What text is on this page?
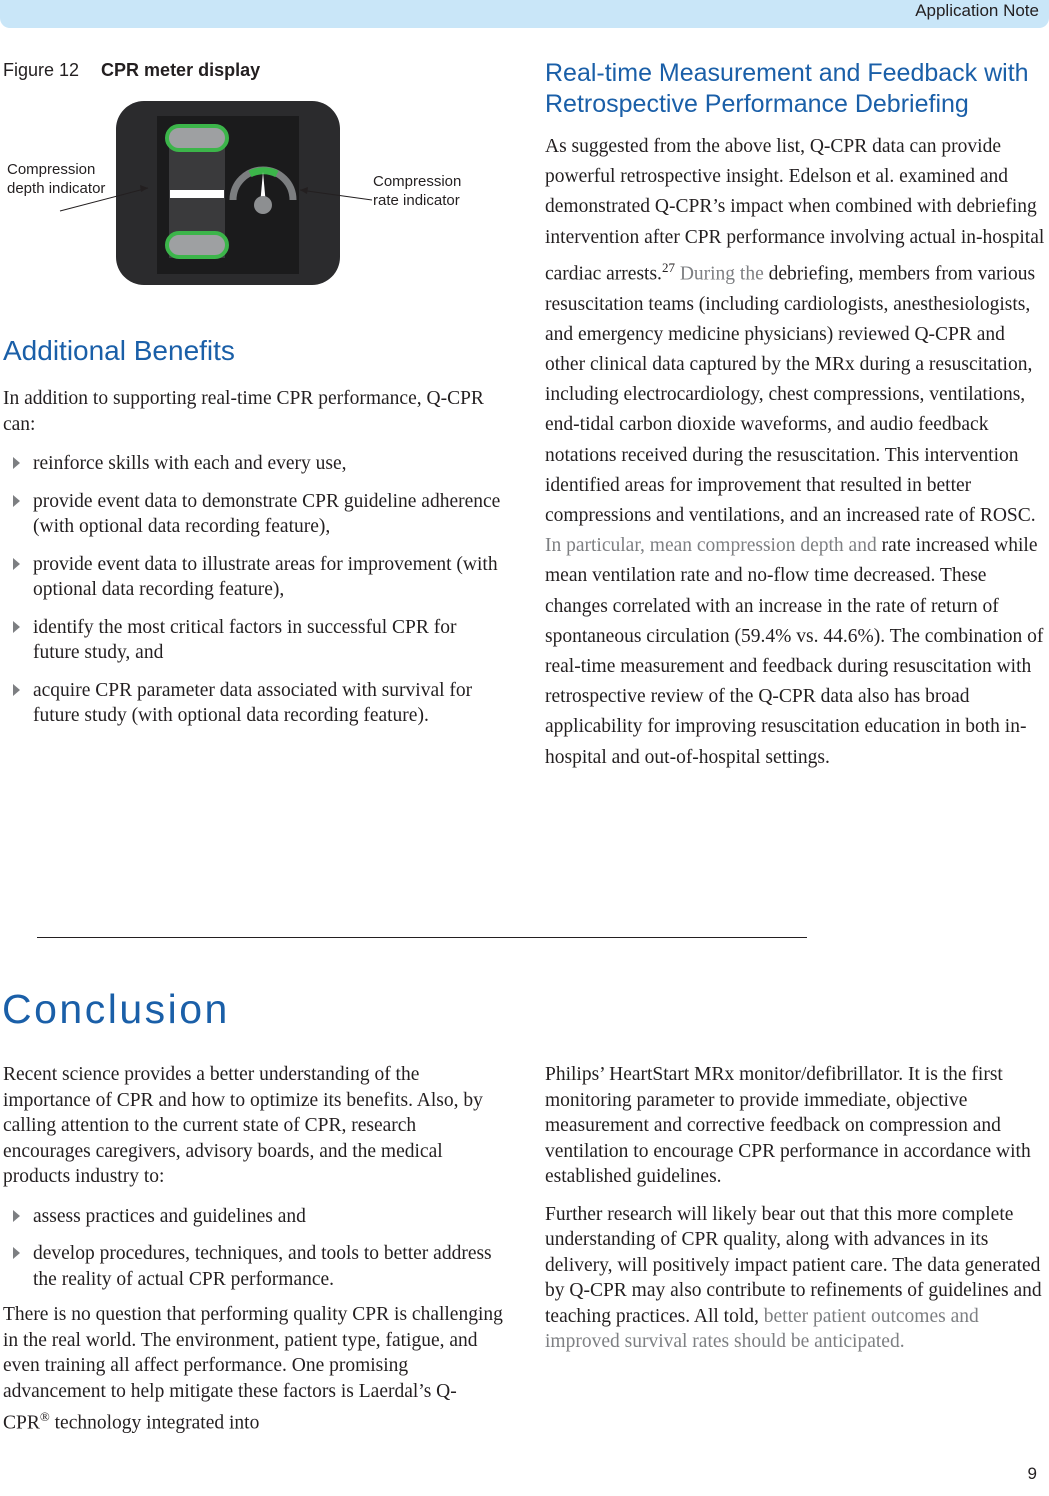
Application Note
Figure 12 CPR meter display
Compression depth indicator	Compression rate indicator
Additional Benefits

In addition to supporting real-time CPR performance, Q-CPR can:

reinforce skills with each and every use,
provide event data to demonstrate CPR guideline adherence (with optional data recording feature),
provide event data to illustrate areas for improvement (with optional data recording feature),
identify the most critical factors in successful CPR for future study, and
acquire CPR parameter data associated with survival for future study (with optional data recording feature).
Real-time Measurement and Feedback with Retrospective Performance Debriefing

As suggested from the above list, Q-CPR data can provide powerful retrospective insight. Edelson et al. examined and demonstrated Q-CPR’s impact when combined with debriefing intervention after CPR performance involving actual in-hospital cardiac arrests.$^{27}$ During the debriefing, members from various resuscitation teams (including cardiologists, anesthesiologists, and emergency medicine physicians) reviewed Q-CPR and other clinical data captured by the MRx during a resuscitation, including electrocardiology, chest compressions, ventilations, end-tidal carbon dioxide waveforms, and audio feedback notations received during the resuscitation. This intervention identified areas for improvement that resulted in better compressions and ventilations, and an increased rate of ROSC. In particular, mean compression depth and rate increased while mean ventilation rate and no-flow time decreased. These changes correlated with an increase in the rate of return of spontaneous circulation (59.4% vs. 44.6%). The combination of real-time measurement and feedback during resuscitation with retrospective review of the Q-CPR data also has broad applicability for improving resuscitation education in both in-hospital and out-of-hospital settings.

Conclusion

Recent science provides a better understanding of the importance of CPR and how to optimize its benefits. Also, by calling attention to the current state of CPR, research encourages caregivers, advisory boards, and the medical products industry to:

assess practices and guidelines and
develop procedures, techniques, and tools to better address the reality of actual CPR performance.

There is no question that performing quality CPR is challenging in the real world. The environment, patient type, fatigue, and even training all affect performance. One promising advancement to help mitigate these factors is Laerdal’s Q-CPR® technology integrated into

Philips’ HeartStart MRx monitor/defibrillator. It is the first monitoring parameter to provide immediate, objective measurement and corrective feedback on compression and ventilation to encourage CPR performance in accordance with established guidelines.

Further research will likely bear out that this more complete understanding of CPR quality, along with advances in its delivery, will positively impact patient care. The data generated by Q-CPR may also contribute to refinements of guidelines and teaching practices. All told, better patient outcomes and improved survival rates should be anticipated.

9
